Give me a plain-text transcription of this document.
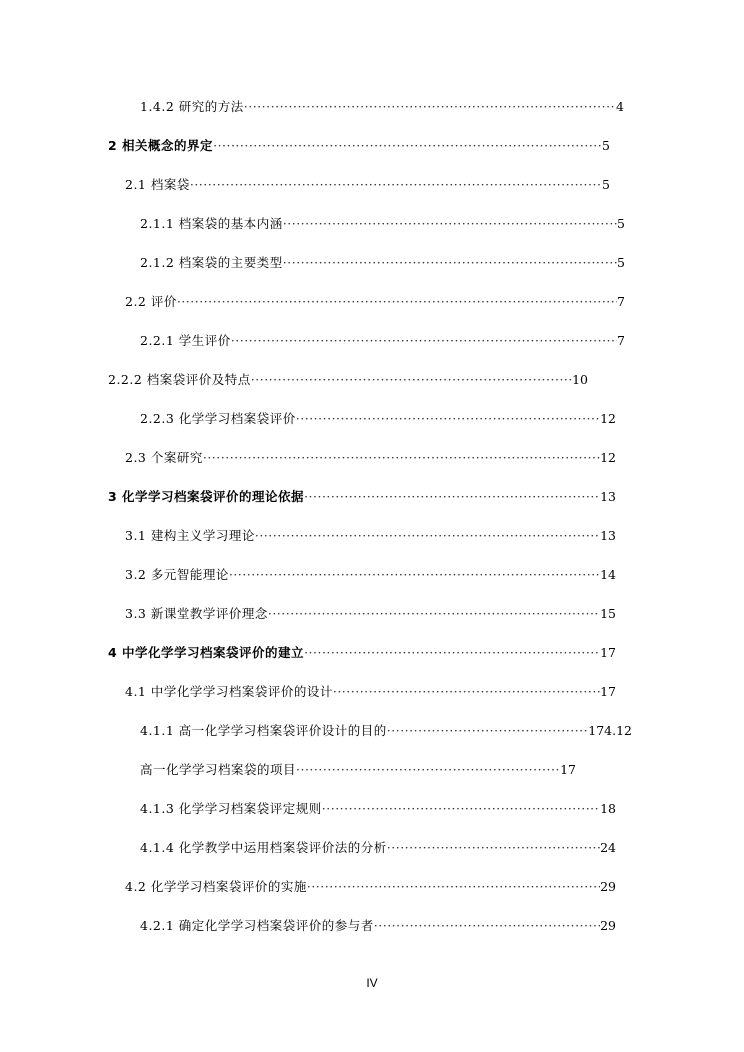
1.4.2 研究的方法 ·····	4
2 相关概念的界定 ·····	5
2.1 档案袋 ·····	5
2.1.1 档案袋的基本内涵 ·····	5
2.1.2 档案袋的主要类型 ·····	5
2.2 评价 ·····	7
2.2.1 学生评价 ·····	7
2.2.2 档案袋评价及特点 ·····	10
2.2.3 化学学习档案袋评价 ·····	12
2.3 个案研究 ·····	12
3 化学学习档案袋评价的理论依据 ·····	13
3.1 建构主义学习理论 ·····	13
3.2 多元智能理论 ·····	14
3.3 新课堂教学评价理念 ·····	15
4 中学化学学习档案袋评价的建立 ·····	17
4.1 中学化学学习档案袋评价的设计 ·····	17
4.1.1 高一化学学习档案袋评价设计的目的 ·····	174.12
高一化学学习档案袋的项目 ·····	17
4.1.3 化学学习档案袋评定规则 ·····	18
4.1.4 化学教学中运用档案袋评价法的分析 ·····	24
4.2 化学学习档案袋评价的实施 ·····	29
4.2.1 确定化学学习档案袋评价的参与者 ·····	29
IV
